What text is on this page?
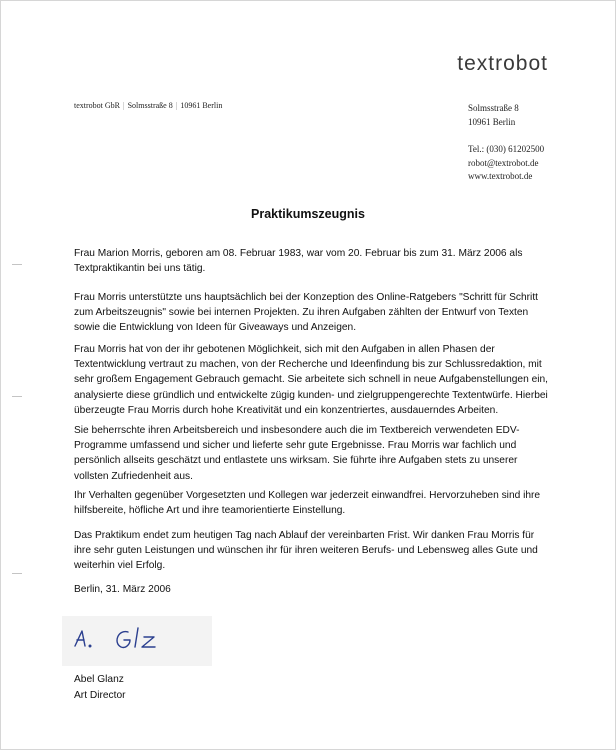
textrobot
textrobot GbR | Solmsstraße 8 | 10961 Berlin	Solmsstraße 8
10961 Berlin
Tel.: (030) 61202500
robot@textrobot.de
www.textrobot.de
Praktikumszeugnis

Frau Marion Morris, geboren am 08. Februar 1983, war vom 20. Februar bis zum 31. März 2006 als Textpraktikantin bei uns tätig.

Frau Morris unterstützte uns hauptsächlich bei der Konzeption des Online-Ratgebers "Schritt für Schritt zum Arbeitszeugnis" sowie bei internen Projekten. Zu ihren Aufgaben zählten der Entwurf von Texten sowie die Entwicklung von Ideen für Giveaways und Anzeigen.

Frau Morris hat von der ihr gebotenen Möglichkeit, sich mit den Aufgaben in allen Phasen der Textentwicklung vertraut zu machen, von der Recherche und Ideenfindung bis zur Schlussredaktion, mit sehr großem Engagement Gebrauch gemacht. Sie arbeitete sich schnell in neue Aufgabenstellungen ein, analysierte diese gründlich und entwickelte zügig kunden- und zielgruppengerechte Textentwürfe. Hierbei überzeugte Frau Morris durch hohe Kreativität und ein konzentriertes, ausdauerndes Arbeiten.

Sie beherrschte ihren Arbeitsbereich und insbesondere auch die im Textbereich verwendeten EDV-Programme umfassend und sicher und lieferte sehr gute Ergebnisse. Frau Morris war fachlich und persönlich allseits geschätzt und entlastete uns wirksam. Sie führte ihre Aufgaben stets zu unserer vollsten Zufriedenheit aus.

Ihr Verhalten gegenüber Vorgesetzten und Kollegen war jederzeit einwandfrei. Hervorzuheben sind ihre hilfsbereite, höfliche Art und ihre teamorientierte Einstellung.

Das Praktikum endet zum heutigen Tag nach Ablauf der vereinbarten Frist. Wir danken Frau Morris für ihre sehr guten Leistungen und wünschen ihr für ihren weiteren Berufs- und Lebensweg alles Gute und weiterhin viel Erfolg.

Berlin, 31. März 2006

Abel Glanz
Art Director
